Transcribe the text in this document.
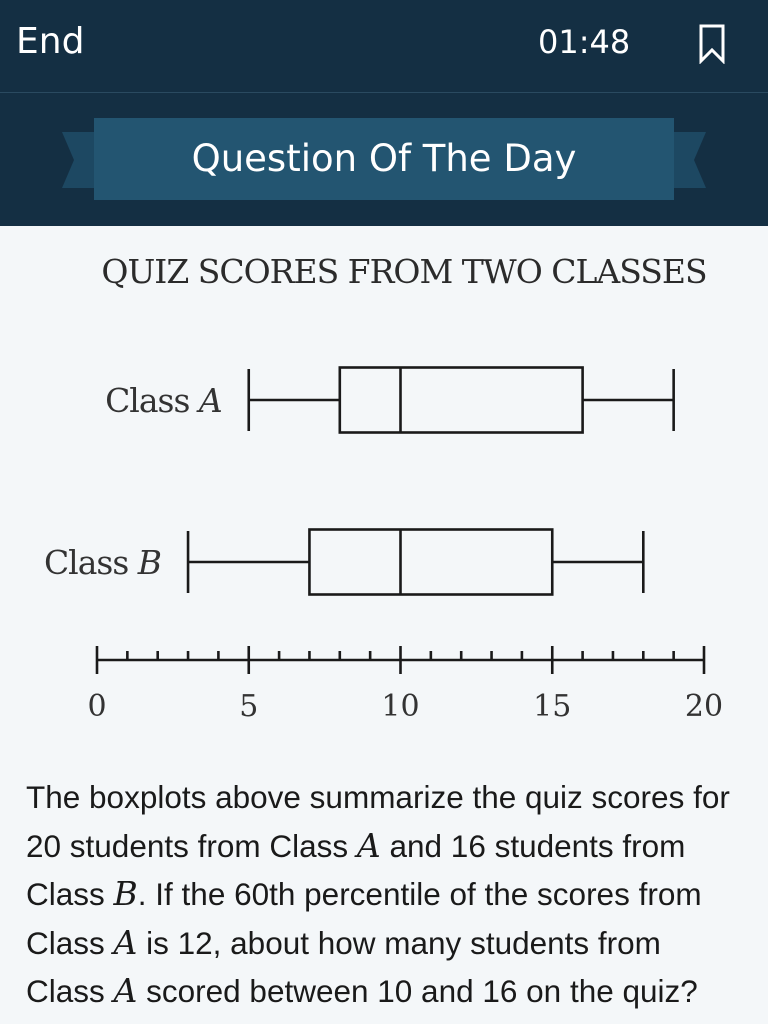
End	01:48
Question Of The Day
QUIZ SCORES FROM TWO CLASSES
Class A
Class B
0	5	10	15	20
The boxplots above summarize the quiz scores for 20 students from Class A and 16 students from Class B. If the 60th percentile of the scores from Class A is 12, about how many students from Class A scored between 10 and 16 on the quiz?
